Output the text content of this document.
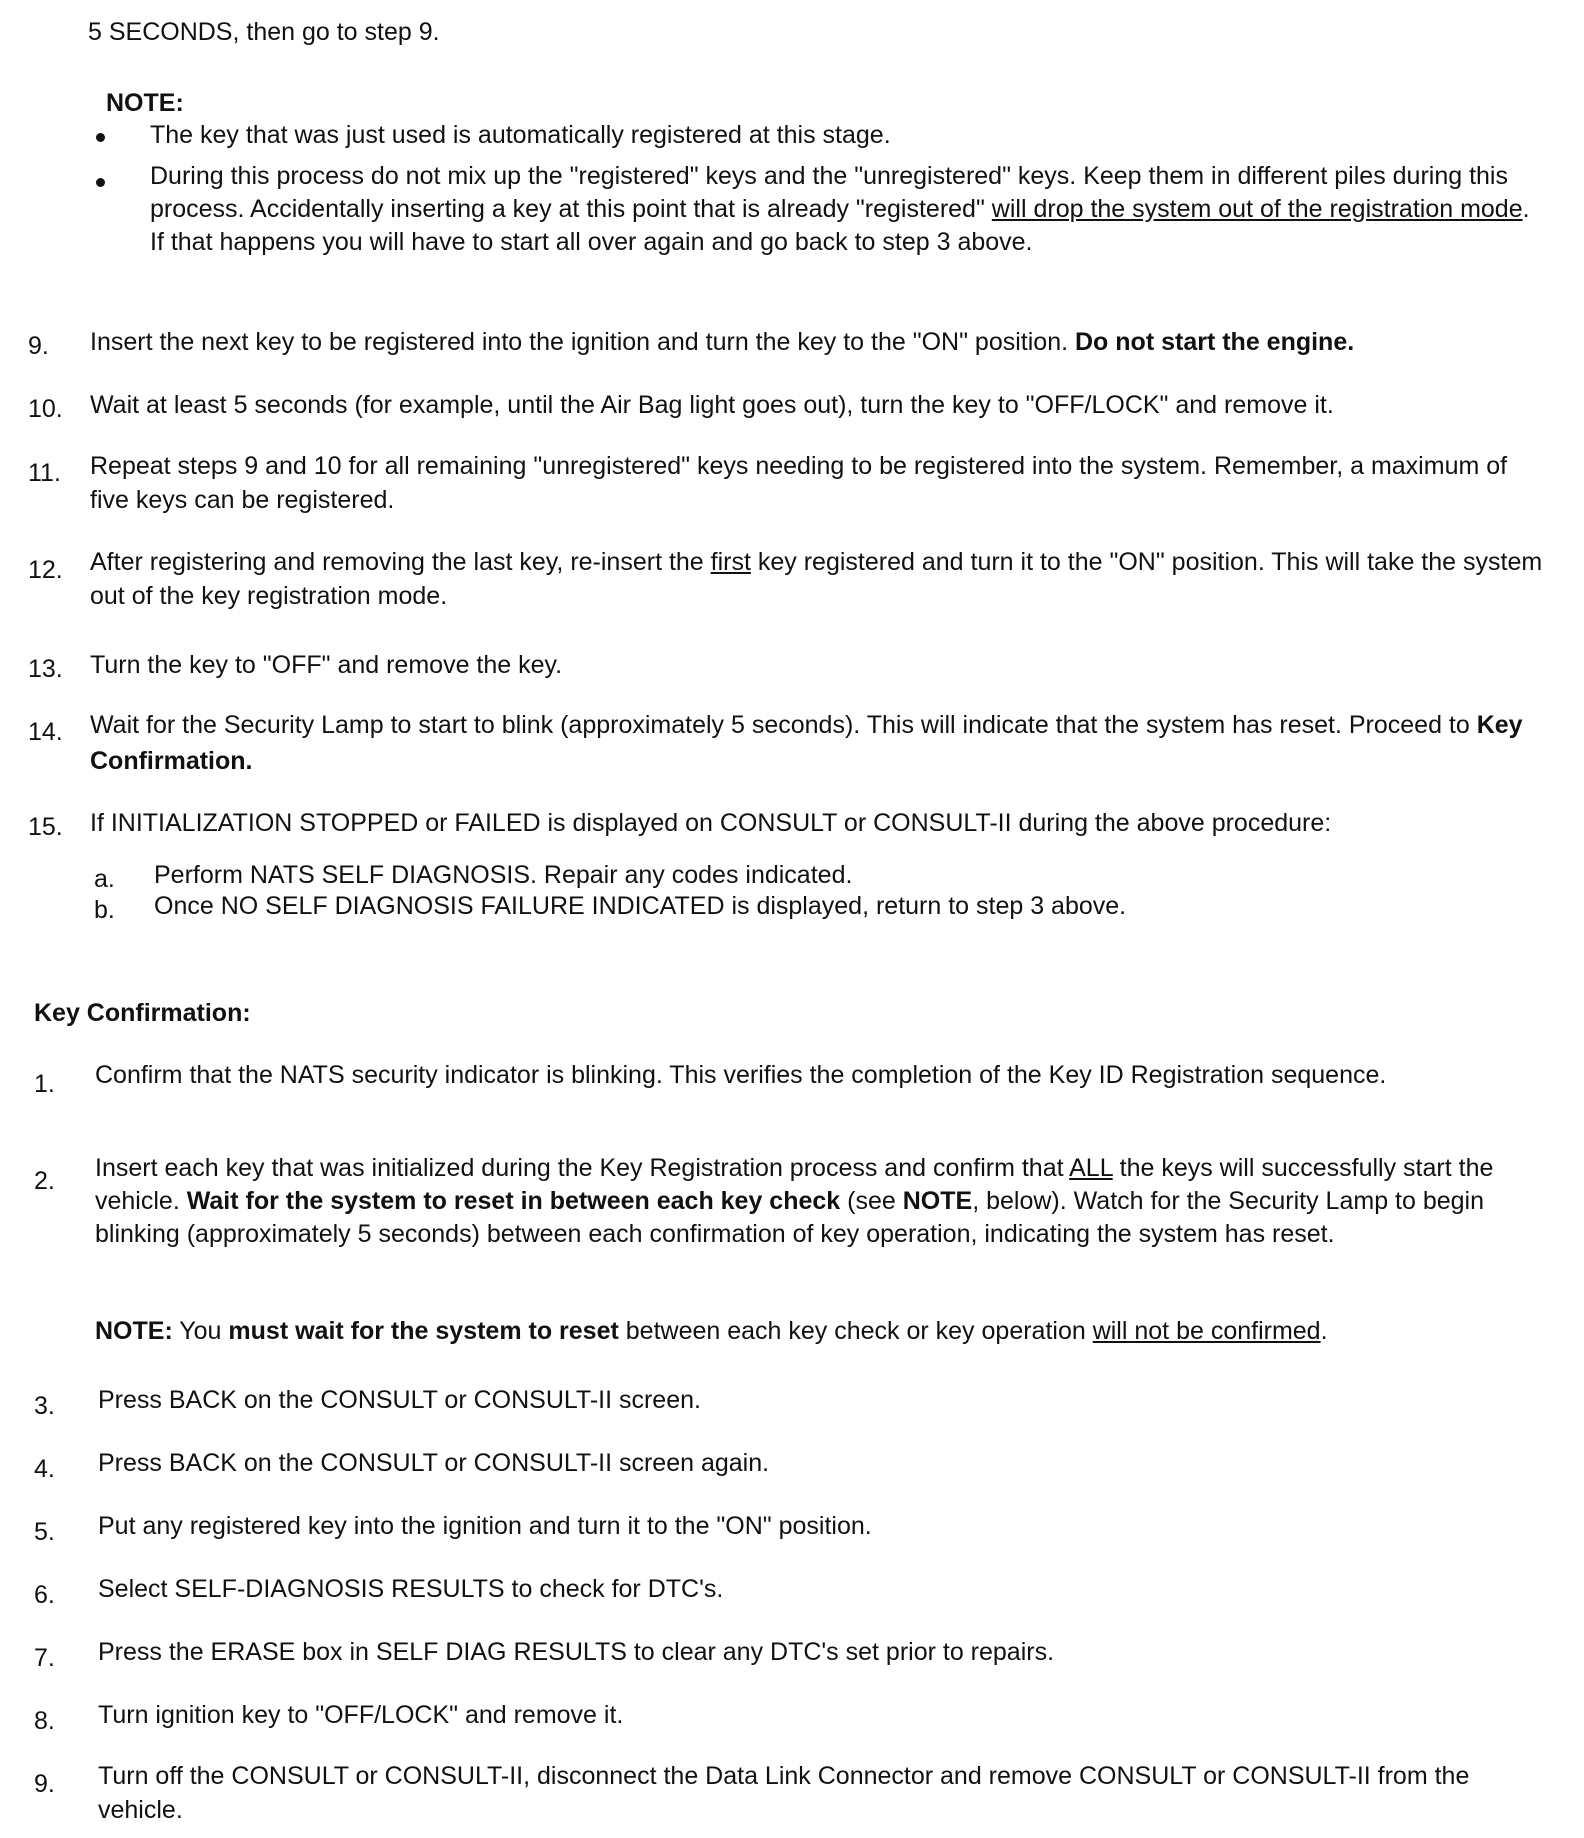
5 SECONDS, then go to step 9.
NOTE:
The key that was just used is automatically registered at this stage.
During this process do not mix up the "registered" keys and the "unregistered" keys. Keep them in different piles during this process. Accidentally inserting a key at this point that is already "registered" will drop the system out of the registration mode. If that happens you will have to start all over again and go back to step 3 above.
9. Insert the next key to be registered into the ignition and turn the key to the "ON" position. Do not start the engine.
10. Wait at least 5 seconds (for example, until the Air Bag light goes out), turn the key to "OFF/LOCK" and remove it.
11. Repeat steps 9 and 10 for all remaining "unregistered" keys needing to be registered into the system. Remember, a maximum of five keys can be registered.
12. After registering and removing the last key, re-insert the first key registered and turn it to the "ON" position. This will take the system out of the key registration mode.
13. Turn the key to "OFF" and remove the key.
14. Wait for the Security Lamp to start to blink (approximately 5 seconds). This will indicate that the system has reset. Proceed to Key Confirmation.
15. If INITIALIZATION STOPPED or FAILED is displayed on CONSULT or CONSULT-II during the above procedure:
a. Perform NATS SELF DIAGNOSIS. Repair any codes indicated.
b. Once NO SELF DIAGNOSIS FAILURE INDICATED is displayed, return to step 3 above.
Key Confirmation:
1. Confirm that the NATS security indicator is blinking. This verifies the completion of the Key ID Registration sequence.
2. Insert each key that was initialized during the Key Registration process and confirm that ALL the keys will successfully start the vehicle. Wait for the system to reset in between each key check (see NOTE, below). Watch for the Security Lamp to begin blinking (approximately 5 seconds) between each confirmation of key operation, indicating the system has reset.
NOTE: You must wait for the system to reset between each key check or key operation will not be confirmed.
3. Press BACK on the CONSULT or CONSULT-II screen.
4. Press BACK on the CONSULT or CONSULT-II screen again.
5. Put any registered key into the ignition and turn it to the "ON" position.
6. Select SELF-DIAGNOSIS RESULTS to check for DTC's.
7. Press the ERASE box in SELF DIAG RESULTS to clear any DTC's set prior to repairs.
8. Turn ignition key to "OFF/LOCK" and remove it.
9. Turn off the CONSULT or CONSULT-II, disconnect the Data Link Connector and remove CONSULT or CONSULT-II from the vehicle.
